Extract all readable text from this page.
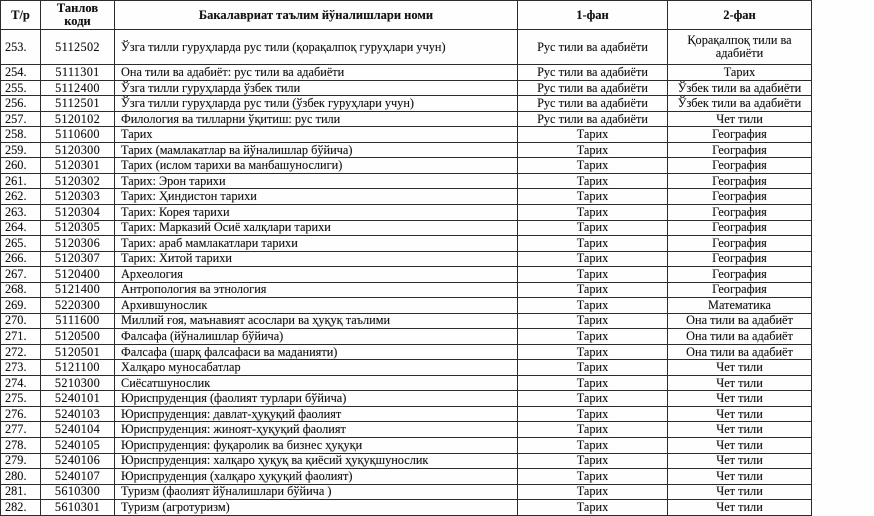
Т/р	Танлов коди	Бакалавриат таълим йўналишлари номи	1-фан	2-фан
253.	5112502	Ўзга тилли гуруҳларда рус тили (қорақалпоқ гуруҳлари учун)	Рус тили ва адабиёти	Қорақалпоқ тили ва адабиёти
254.	5111301	Она тили ва адабиёт: рус тили ва адабиёти	Рус тили ва адабиёти	Тарих
255.	5112400	Ўзга тилли гуруҳларда ўзбек тили	Рус тили ва адабиёти	Ўзбек тили ва адабиёти
256.	5112501	Ўзга тилли гуруҳларда рус тили (ўзбек гуруҳлари учун)	Рус тили ва адабиёти	Ўзбек тили ва адабиёти
257.	5120102	Филология ва тилларни ўқитиш: рус тили	Рус тили ва адабиёти	Чет тили
258.	5110600	Тарих	Тарих	География
259.	5120300	Тарих (мамлакатлар ва йўналишлар бўйича)	Тарих	География
260.	5120301	Тарих (ислом тарихи ва манбашунослиги)	Тарих	География
261.	5120302	Тарих: Эрон тарихи	Тарих	География
262.	5120303	Тарих: Ҳиндистон тарихи	Тарих	География
263.	5120304	Тарих: Корея тарихи	Тарих	География
264.	5120305	Тарих: Марказий Осиё халқлари тарихи	Тарих	География
265.	5120306	Тарих: араб мамлакатлари тарихи	Тарих	География
266.	5120307	Тарих: Хитой тарихи	Тарих	География
267.	5120400	Археология	Тарих	География
268.	5121400	Антропология ва этнология	Тарих	География
269.	5220300	Архившунослик	Тарих	Математика
270.	5111600	Миллий ғоя, маънавият асослари ва ҳуқуқ таълими	Тарих	Она тили ва адабиёт
271.	5120500	Фалсафа (йўналишлар бўйича)	Тарих	Она тили ва адабиёт
272.	5120501	Фалсафа (шарқ фалсафаси ва маданияти)	Тарих	Она тили ва адабиёт
273.	5121100	Халқаро муносабатлар	Тарих	Чет тили
274.	5210300	Сиёсатшунослик	Тарих	Чет тили
275.	5240101	Юриспруденция (фаолият турлари бўйича)	Тарих	Чет тили
276.	5240103	Юриспруденция: давлат-ҳуқуқий фаолият	Тарих	Чет тили
277.	5240104	Юриспруденция: жиноят-ҳуқуқий фаолият	Тарих	Чет тили
278.	5240105	Юриспруденция: фуқаролик ва бизнес ҳуқуқи	Тарих	Чет тили
279.	5240106	Юриспруденция: халқаро ҳуқуқ ва қиёсий ҳуқуқшунослик	Тарих	Чет тили
280.	5240107	Юриспруденция (халқаро ҳуқуқий фаолият)	Тарих	Чет тили
281.	5610300	Туризм (фаолият йўналишлари бўйича )	Тарих	Чет тили
282.	5610301	Туризм (агротуризм)	Тарих	Чет тили
